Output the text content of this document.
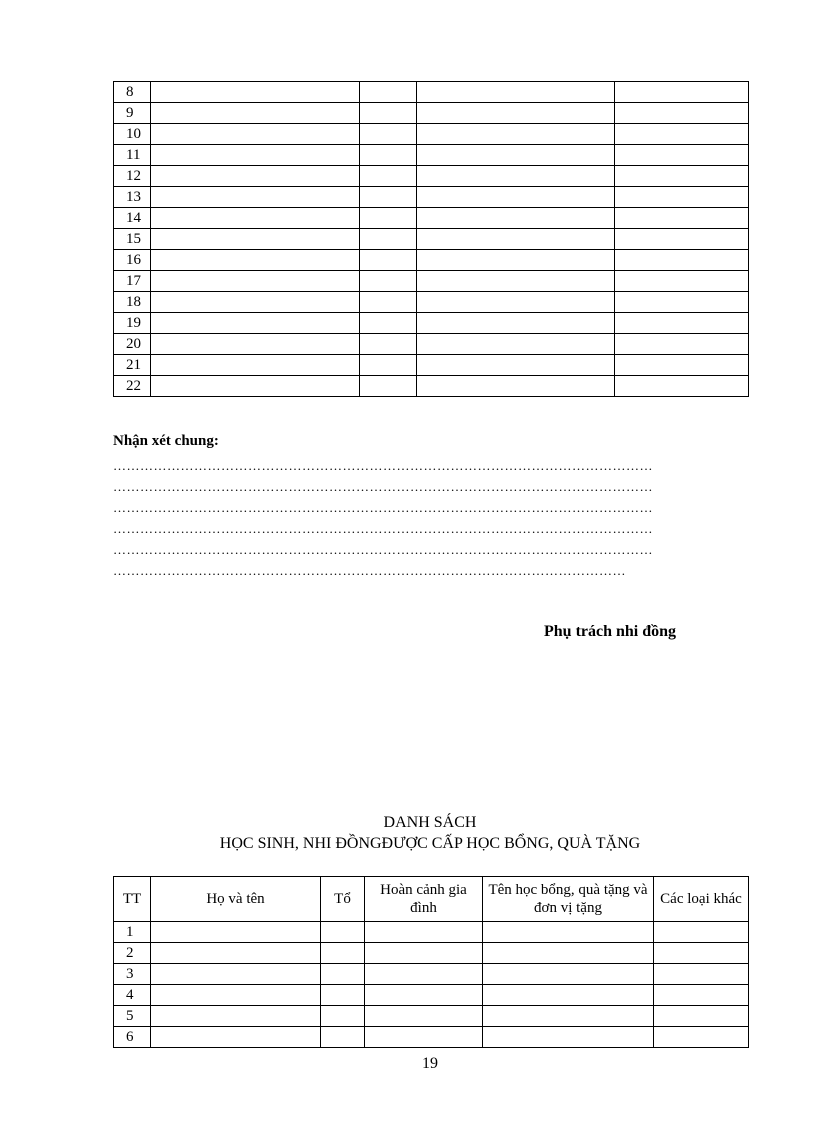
8				
9				
10				
11				
12				
13				
14				
15				
16				
17				
18				
19				
20				
21				
22				
Nhận xét chung:
…………………………………………………………………………………………………………
…………………………………………………………………………………………………………
…………………………………………………………………………………………………………
…………………………………………………………………………………………………………
…………………………………………………………………………………………………………
……………………………………………………………………………………………………
Phụ trách nhi đồng
DANH SÁCH
HỌC SINH, NHI ĐỒNGĐƯỢC CẤP HỌC BỔNG, QUÀ TẶNG
TT	Họ và tên	Tổ	Hoàn cảnh gia đình	Tên học bổng, quà tặng và đơn vị tặng	Các loại khác
1					
2					
3					
4					
5					
6					
19
